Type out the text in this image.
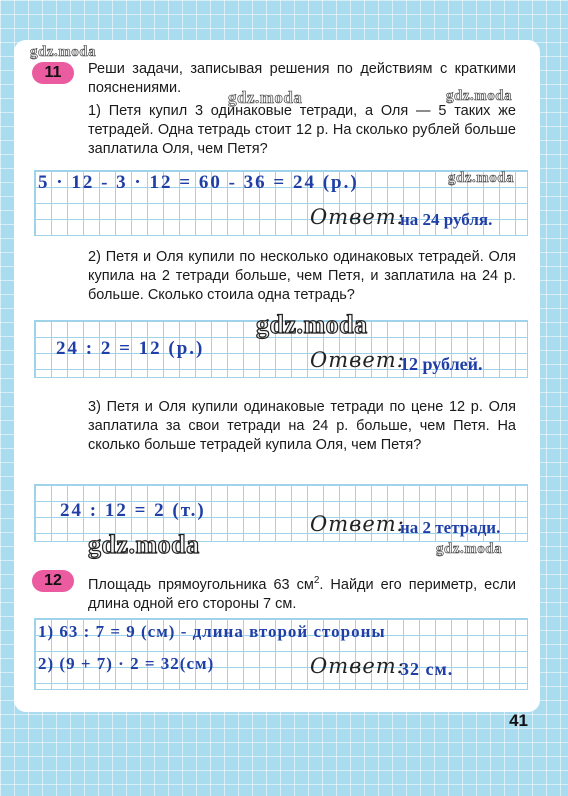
gdz.moda
11	Реши задачи, записывая решения по действиям с краткими пояснениями.	gdz.moda	gdz.moda

1) Петя купил 3 одинаковые тетради, а Оля — 5 таких же тетрадей. Одна тетрадь стоит 12 р. На сколько рублей больше заплатила Оля, чем Петя?

5 · 12 - 3 · 12 = 60 - 36 = 24 (р.)	gdz.moda
Ответ:
на 24 рубля.

2) Петя и Оля купили по несколько одинаковых тетрадей. Оля купила на 2 тетради больше, чем Петя, и заплатила на 24 р. больше. Сколько стоила одна тетрадь?

gdz.moda
24 : 2 = 12 (р.)	Ответ:
12 рублей.

3) Петя и Оля купили одинаковые тетради по цене 12 р. Оля заплатила за свои тетради на 24 р. больше, чем Петя. На сколько больше тетрадей купила Оля, чем Петя?

24 : 12 = 2 (т.)
Ответ:
на 2 тетради.
gdz.moda	gdz.moda
12	Площадь прямоугольника 63 $см^2$. Найди его периметр, если длина одной его стороны 7 см.

1) 63 : 7 = 9 (см) - длина второй стороны
2) (9 + 7) · 2 = 32(см)	Ответ:
32 см.
41
